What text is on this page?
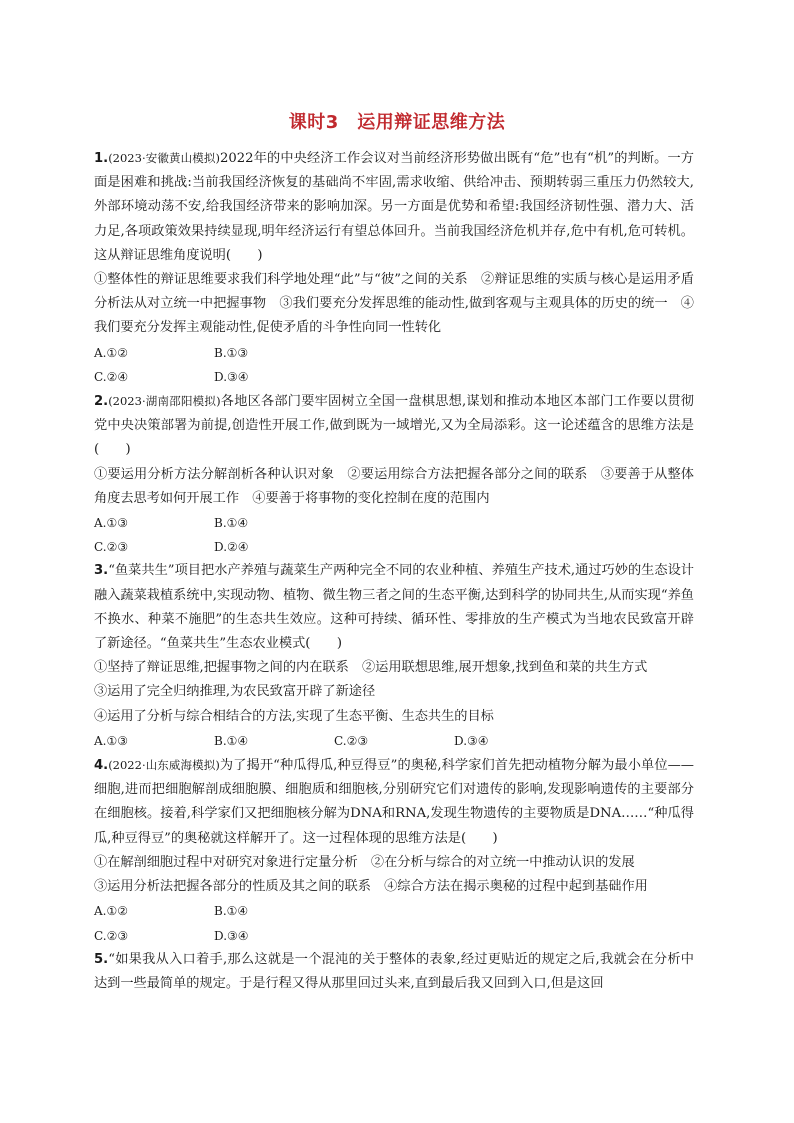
课时3　运用辩证思维方法

1.(2023·安徽黄山模拟)2022年的中央经济工作会议对当前经济形势做出既有“危”也有“机”的判断。一方面是困难和挑战:当前我国经济恢复的基础尚不牢固,需求收缩、供给冲击、预期转弱三重压力仍然较大,外部环境动荡不安,给我国经济带来的影响加深。另一方面是优势和希望:我国经济韧性强、潜力大、活力足,各项政策效果持续显现,明年经济运行有望总体回升。当前我国经济危机并存,危中有机,危可转机。这从辩证思维角度说明(　　)

①整体性的辩证思维要求我们科学地处理“此”与“彼”之间的关系　②辩证思维的实质与核心是运用矛盾分析法从对立统一中把握事物　③我们要充分发挥思维的能动性,做到客观与主观具体的历史的统一　④我们要充分发挥主观能动性,促使矛盾的斗争性向同一性转化

A.①②	B.①③
C.②④	D.③④

2.(2023·湖南邵阳模拟)各地区各部门要牢固树立全国一盘棋思想,谋划和推动本地区本部门工作要以贯彻党中央决策部署为前提,创造性开展工作,做到既为一域增光,又为全局添彩。这一论述蕴含的思维方法是(　　)

①要运用分析方法分解剖析各种认识对象　②要运用综合方法把握各部分之间的联系　③要善于从整体角度去思考如何开展工作　④要善于将事物的变化控制在度的范围内

A.①③	B.①④
C.②③	D.②④

3.“鱼菜共生”项目把水产养殖与蔬菜生产两种完全不同的农业种植、养殖生产技术,通过巧妙的生态设计融入蔬菜栽植系统中,实现动物、植物、微生物三者之间的生态平衡,达到科学的协同共生,从而实现“养鱼不换水、种菜不施肥”的生态共生效应。这种可持续、循环性、零排放的生产模式为当地农民致富开辟了新途径。“鱼菜共生”生态农业模式(　　)

①坚持了辩证思维,把握事物之间的内在联系　②运用联想思维,展开想象,找到鱼和菜的共生方式

③运用了完全归纳推理,为农民致富开辟了新途径

④运用了分析与综合相结合的方法,实现了生态平衡、生态共生的目标

A.①③	B.①④	C.②③	D.③④

4.(2022·山东威海模拟)为了揭开“种瓜得瓜,种豆得豆”的奥秘,科学家们首先把动植物分解为最小单位——细胞,进而把细胞解剖成细胞膜、细胞质和细胞核,分别研究它们对遗传的影响,发现影响遗传的主要部分在细胞核。接着,科学家们又把细胞核分解为DNA和RNA,发现生物遗传的主要物质是DNA……“种瓜得瓜,种豆得豆”的奥秘就这样解开了。这一过程体现的思维方法是(　　)

①在解剖细胞过程中对研究对象进行定量分析　②在分析与综合的对立统一中推动认识的发展

③运用分析法把握各部分的性质及其之间的联系　④综合方法在揭示奥秘的过程中起到基础作用

A.①②	B.①④
C.②③	D.③④

5.“如果我从入口着手,那么这就是一个混沌的关于整体的表象,经过更贴近的规定之后,我就会在分析中达到一些最简单的规定。于是行程又得从那里回过头来,直到最后我又回到入口,但是这回
